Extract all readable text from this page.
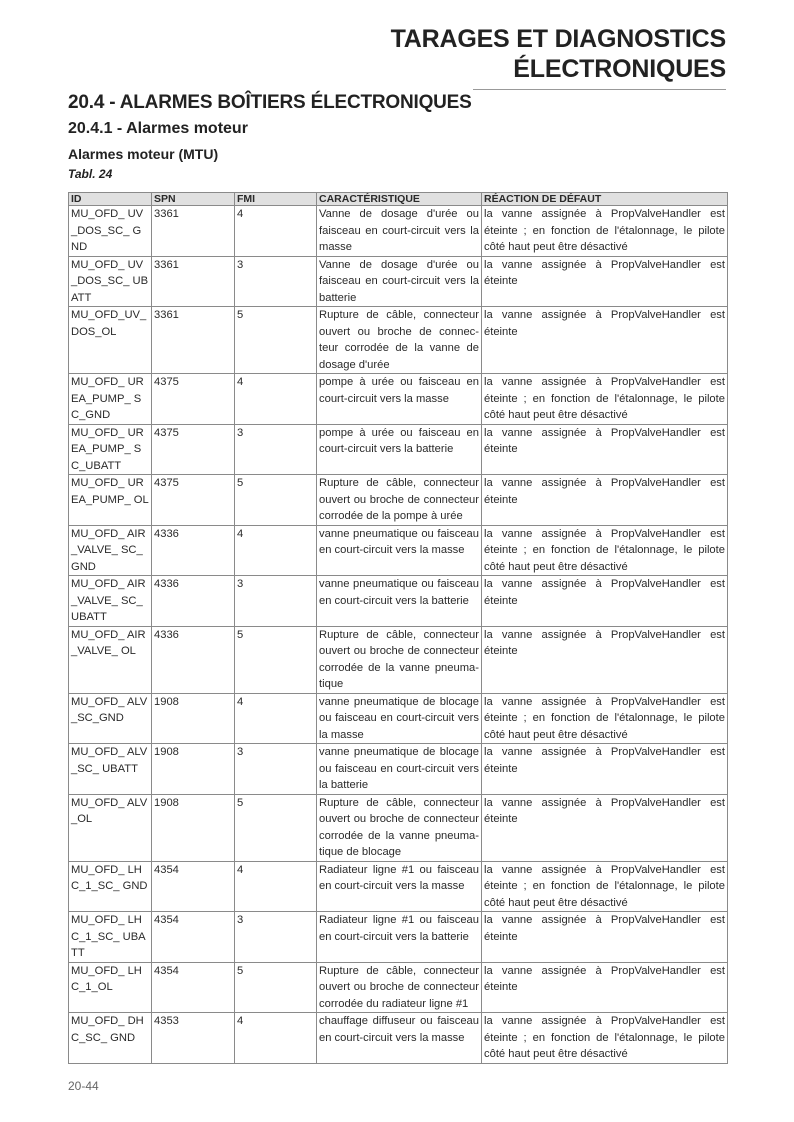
TARAGES ET DIAGNOSTICS
ÉLECTRONIQUES
20.4 - ALARMES BOÎTIERS ÉLECTRONIQUES
20.4.1 - Alarmes moteur
Alarmes moteur (MTU)
Tabl. 24
ID	SPN	FMI	CARACTÉRISTIQUE	RÉACTION DE DÉFAUT
MU_OFD_ UV_DOS_SC_ GND	3361	4	Vanne de dosage d'urée ou faisceau en court-circuit vers la masse	la vanne assignée à PropValveHandler est éteinte ; en fonction de l'étalonnage, le pilote côté haut peut être désactivé
MU_OFD_ UV_DOS_SC_ UBATT	3361	3	Vanne de dosage d'urée ou faisceau en court-circuit vers la batterie	la vanne assignée à PropValveHandler est éteinte
MU_OFD_UV_ DOS_OL	3361	5	Rupture de câble, connecteur ouvert ou broche de connec- teur corrodée de la vanne de dosage d'urée	la vanne assignée à PropValveHandler est éteinte
MU_OFD_ UREA_PUMP_ SC_GND	4375	4	pompe à urée ou faisceau en court-circuit vers la masse	la vanne assignée à PropValveHandler est éteinte ; en fonction de l'étalonnage, le pilote côté haut peut être désactivé
MU_OFD_ UREA_PUMP_ SC_UBATT	4375	3	pompe à urée ou faisceau en court-circuit vers la batterie	la vanne assignée à PropValveHandler est éteinte
MU_OFD_ UREA_PUMP_ OL	4375	5	Rupture de câble, connecteur ouvert ou broche de connecteur corrodée de la pompe à urée	la vanne assignée à PropValveHandler est éteinte
MU_OFD_ AIR_VALVE_ SC_GND	4336	4	vanne pneumatique ou faisceau en court-circuit vers la masse	la vanne assignée à PropValveHandler est éteinte ; en fonction de l'étalonnage, le pilote côté haut peut être désactivé
MU_OFD_ AIR_VALVE_ SC_UBATT	4336	3	vanne pneumatique ou faisceau en court-circuit vers la batterie	la vanne assignée à PropValveHandler est éteinte
MU_OFD_ AIR_VALVE_ OL	4336	5	Rupture de câble, connecteur ouvert ou broche de connecteur corrodée de la vanne pneuma- tique	la vanne assignée à PropValveHandler est éteinte
MU_OFD_ ALV_SC_GND	1908	4	vanne pneumatique de blocage ou faisceau en court-circuit vers la masse	la vanne assignée à PropValveHandler est éteinte ; en fonction de l'étalonnage, le pilote côté haut peut être désactivé
MU_OFD_ ALV_SC_ UBATT	1908	3	vanne pneumatique de blocage ou faisceau en court-circuit vers la batterie	la vanne assignée à PropValveHandler est éteinte
MU_OFD_ ALV_OL	1908	5	Rupture de câble, connecteur ouvert ou broche de connecteur corrodée de la vanne pneuma- tique de blocage	la vanne assignée à PropValveHandler est éteinte
MU_OFD_ LHC_1_SC_ GND	4354	4	Radiateur ligne #1 ou faisceau en court-circuit vers la masse	la vanne assignée à PropValveHandler est éteinte ; en fonction de l'étalonnage, le pilote côté haut peut être désactivé
MU_OFD_ LHC_1_SC_ UBATT	4354	3	Radiateur ligne #1 ou faisceau en court-circuit vers la batterie	la vanne assignée à PropValveHandler est éteinte
MU_OFD_ LHC_1_OL	4354	5	Rupture de câble, connecteur ouvert ou broche de connecteur corrodée du radiateur ligne #1	la vanne assignée à PropValveHandler est éteinte
MU_OFD_ DHC_SC_ GND	4353	4	chauffage diffuseur ou faisceau en court-circuit vers la masse	la vanne assignée à PropValveHandler est éteinte ; en fonction de l'étalonnage, le pilote côté haut peut être désactivé
20-44
